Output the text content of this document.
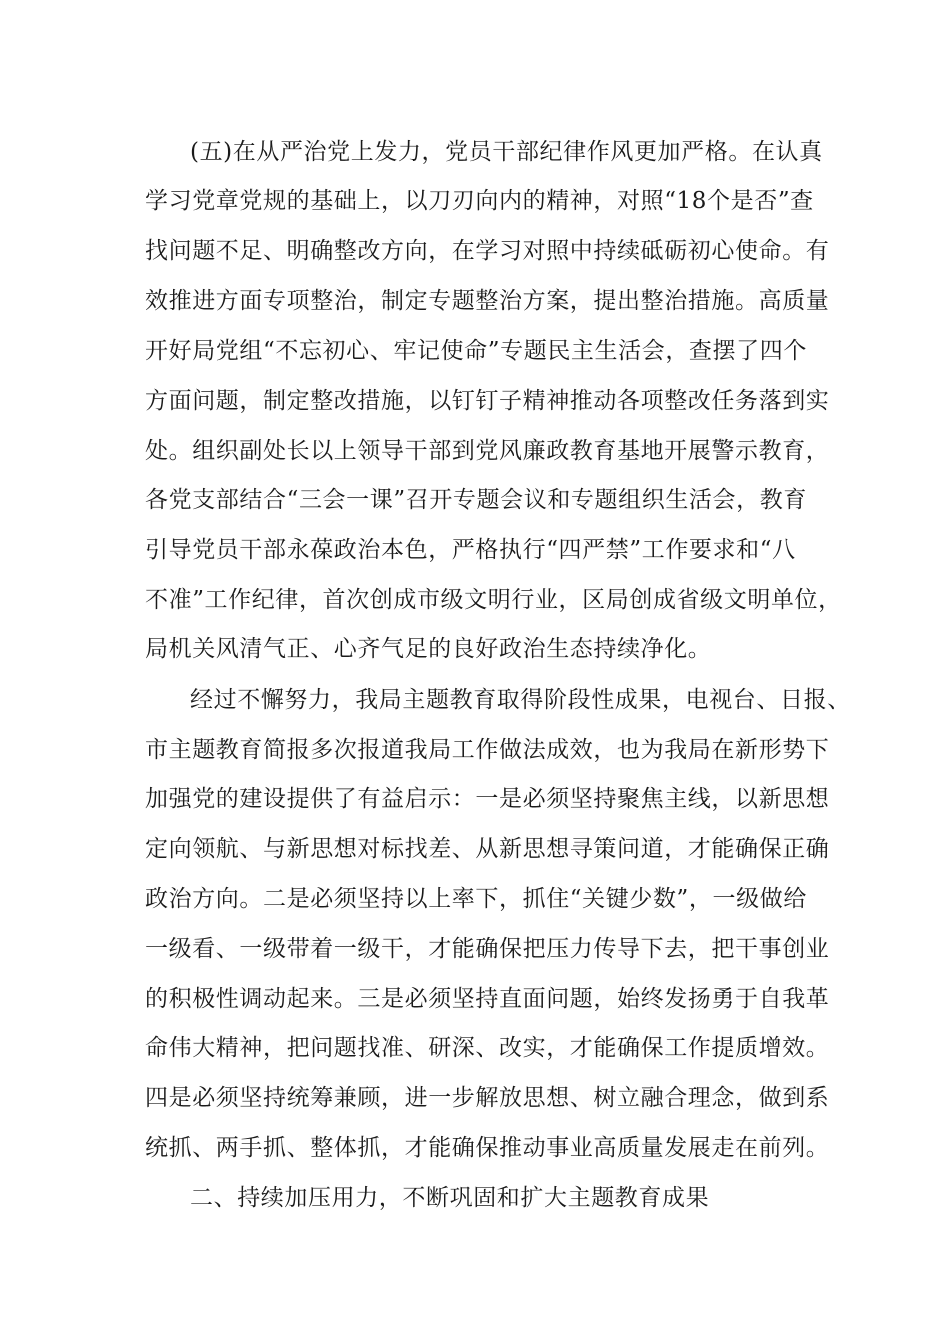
(五)在从严治党上发力，党员干部纪律作风更加严格。在认真
学习党章党规的基础上，以刀刃向内的精神，对照“18个是否”查
找问题不足、明确整改方向，在学习对照中持续砥砺初心使命。有
效推进方面专项整治，制定专题整治方案，提出整治措施。高质量
开好局党组“不忘初心、牢记使命”专题民主生活会，查摆了四个
方面问题，制定整改措施，以钉钉子精神推动各项整改任务落到实
处。组织副处长以上领导干部到党风廉政教育基地开展警示教育，
各党支部结合“三会一课”召开专题会议和专题组织生活会，教育
引导党员干部永葆政治本色，严格执行“四严禁”工作要求和“八
不准”工作纪律，首次创成市级文明行业，区局创成省级文明单位，
局机关风清气正、心齐气足的良好政治生态持续净化。
经过不懈努力，我局主题教育取得阶段性成果，电视台、日报、
市主题教育简报多次报道我局工作做法成效，也为我局在新形势下
加强党的建设提供了有益启示：一是必须坚持聚焦主线，以新思想
定向领航、与新思想对标找差、从新思想寻策问道，才能确保正确
政治方向。二是必须坚持以上率下，抓住“关键少数”，一级做给
一级看、一级带着一级干，才能确保把压力传导下去，把干事创业
的积极性调动起来。三是必须坚持直面问题，始终发扬勇于自我革
命伟大精神，把问题找准、研深、改实，才能确保工作提质增效。
四是必须坚持统筹兼顾，进一步解放思想、树立融合理念，做到系
统抓、两手抓、整体抓，才能确保推动事业高质量发展走在前列。
二、持续加压用力，不断巩固和扩大主题教育成果
